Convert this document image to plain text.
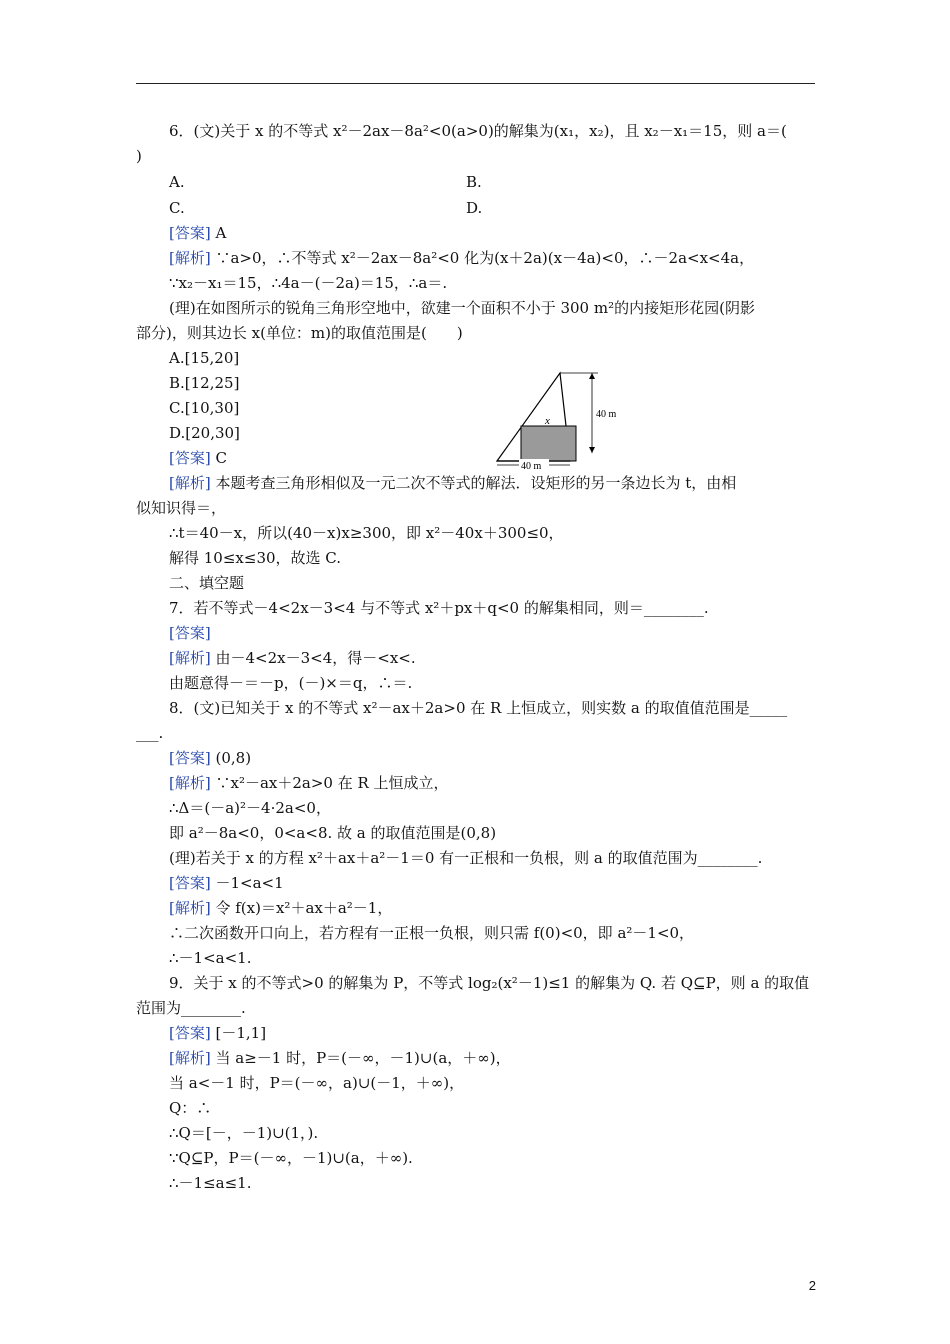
6．(文)关于 x 的不等式 x²－2ax－8a²<0(a>0)的解集为(x₁，x₂)，且 x₂－x₁＝15，则 a＝(
)
A.	B.
C.	D.
[答案] A
[解析] ∵a>0，∴不等式 x²－2ax－8a²<0 化为(x＋2a)(x－4a)<0，∴－2a<x<4a，
∵x₂－x₁＝15，∴4a－(－2a)＝15，∴a＝.
(理)在如图所示的锐角三角形空地中，欲建一个面积不小于 300 m²的内接矩形花园(阴影
部分)，则其边长 x(单位：m)的取值范围是(　　)
A.[15,20]
B.[12,25]
C.[10,30]
D.[20,30]
[答案] C
[解析] 本题考查三角形相似及一元二次不等式的解法．设矩形的另一条边长为 t，由相
似知识得＝，
∴t＝40－x，所以(40－x)x≥300，即 x²－40x＋300≤0，
解得 10≤x≤30，故选 C.
二、填空题
7．若不等式－4<2x－3<4 与不等式 x²＋px＋q<0 的解集相同，则＝________.
[答案]
[解析] 由－4<2x－3<4，得－<x<.
由题意得－＝－p，(－)×＝q，∴＝.
8．(文)已知关于 x 的不等式 x²－ax＋2a>0 在 R 上恒成立，则实数 a 的取值值范围是_____
___.
[答案] (0,8)
[解析] ∵x²－ax＋2a>0 在 R 上恒成立，
∴Δ＝(－a)²－4·2a<0，
即 a²－8a<0，0<a<8. 故 a 的取值范围是(0,8)
(理)若关于 x 的方程 x²＋ax＋a²－1＝0 有一正根和一负根，则 a 的取值范围为________.
[答案] －1<a<1
[解析] 令 f(x)＝x²＋ax＋a²－1，
∴二次函数开口向上，若方程有一正根一负根，则只需 f(0)<0，即 a²－1<0，
∴－1<a<1.
9．关于 x 的不等式>0 的解集为 P，不等式 log₂(x²－1)≤1 的解集为 Q. 若 Q⊆P，则 a 的取值
范围为________.
[答案] [－1,1]
[解析] 当 a≥－1 时，P＝(－∞，－1)∪(a，＋∞)，
当 a<－1 时，P＝(－∞，a)∪(－1，＋∞)，
Q：∴
∴Q＝[－，－1)∪(1，).
∵Q⊆P，P＝(－∞，－1)∪(a，＋∞).
∴－1≤a≤1.
x
40 m
40 m
2
